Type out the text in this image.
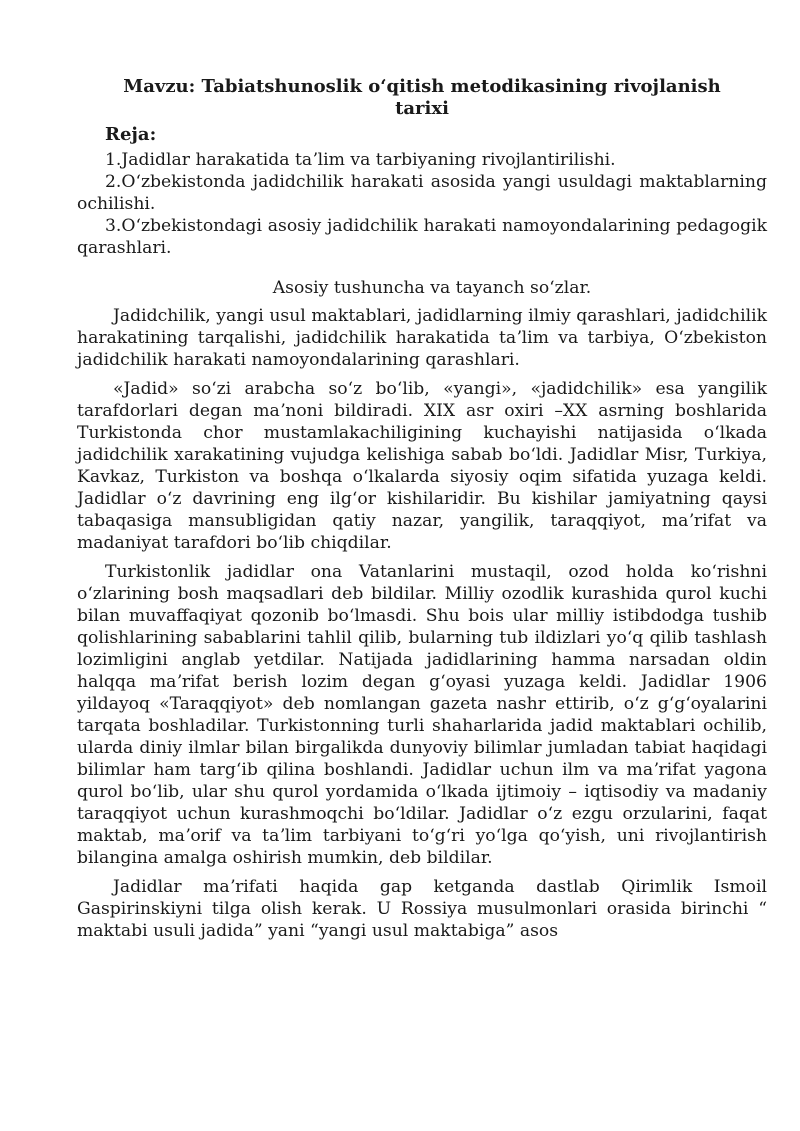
Mavzu: Tabiatshunoslik oʻqitish metodikasining rivojlanish tarixi
Reja:

1.Jadidlar harakatida taʼlim va tarbiyaning rivojlantirilishi.

2.Oʻzbekistonda jadidchilik harakati asosida yangi usuldagi maktablarning ochilishi.

3.Oʻzbekistondagi asosiy jadidchilik harakati namoyondalarining pedagogik qarashlari.

Asosiy tushuncha va tayanch soʻzlar.

Jadidchilik, yangi usul maktablari, jadidlarning ilmiy qarashlari, jadidchilik harakatining tarqalishi, jadidchilik harakatida taʼlim va tarbiya, Oʻzbekiston jadidchilik harakati namoyondalarining qarashlari.

«Jadid» soʻzi arabcha soʻz boʻlib, «yangi», «jadidchilik» esa yangilik tarafdorlari degan maʼnoni bildiradi. XIX asr oxiri –XX asrning boshlarida Turkistonda chor mustamlakachiligining kuchayishi natijasida oʻlkada jadidchilik xarakatining vujudga kelishiga sabab boʻldi. Jadidlar Misr, Turkiya, Kavkaz, Turkiston va boshqa oʻlkalarda siyosiy oqim sifatida yuzaga keldi. Jadidlar oʻz davrining eng ilgʻor kishilaridir. Bu kishilar jamiyatning qaysi tabaqasiga mansubligidan qatiy nazar, yangilik, taraqqiyot, maʼrifat va madaniyat tarafdori boʻlib chiqdilar.

Turkistonlik jadidlar ona Vatanlarini mustaqil, ozod holda koʻrishni oʻzlarining bosh maqsadlari deb bildilar. Milliy ozodlik kurashida qurol kuchi bilan muvaffaqiyat qozonib boʻlmasdi. Shu bois ular milliy istibdodga tushib qolishlarining sabablarini tahlil qilib, bularning tub ildizlari yoʻq qilib tashlash lozimligini anglab yetdilar. Natijada jadidlarining hamma narsadan oldin halqqa maʼrifat berish lozim degan gʻoyasi yuzaga keldi. Jadidlar 1906 yildayoq «Taraqqiyot» deb nomlangan gazeta nashr ettirib, oʻz gʻgʻoyalarini tarqata boshladilar. Turkistonning turli shaharlarida jadid maktablari ochilib, ularda diniy ilmlar bilan birgalikda dunyoviy bilimlar jumladan tabiat haqidagi bilimlar ham targʻib qilina boshlandi. Jadidlar uchun ilm va maʼrifat yagona qurol boʻlib, ular shu qurol yordamida oʻlkada ijtimoiy – iqtisodiy va madaniy taraqqiyot uchun kurashmoqchi boʻldilar. Jadidlar oʻz ezgu orzularini, faqat maktab, maʼorif va taʼlim tarbiyani toʻgʻri yoʻlga qoʻyish, uni rivojlantirish bilangina amalga oshirish mumkin, deb bildilar.

Jadidlar maʼrifati haqida gap ketganda dastlab Qirimlik Ismoil Gaspirinskiyni tilga olish kerak. U Rossiya musulmonlari orasida birinchi “ maktabi usuli jadida” yani “yangi usul maktabiga” asos
